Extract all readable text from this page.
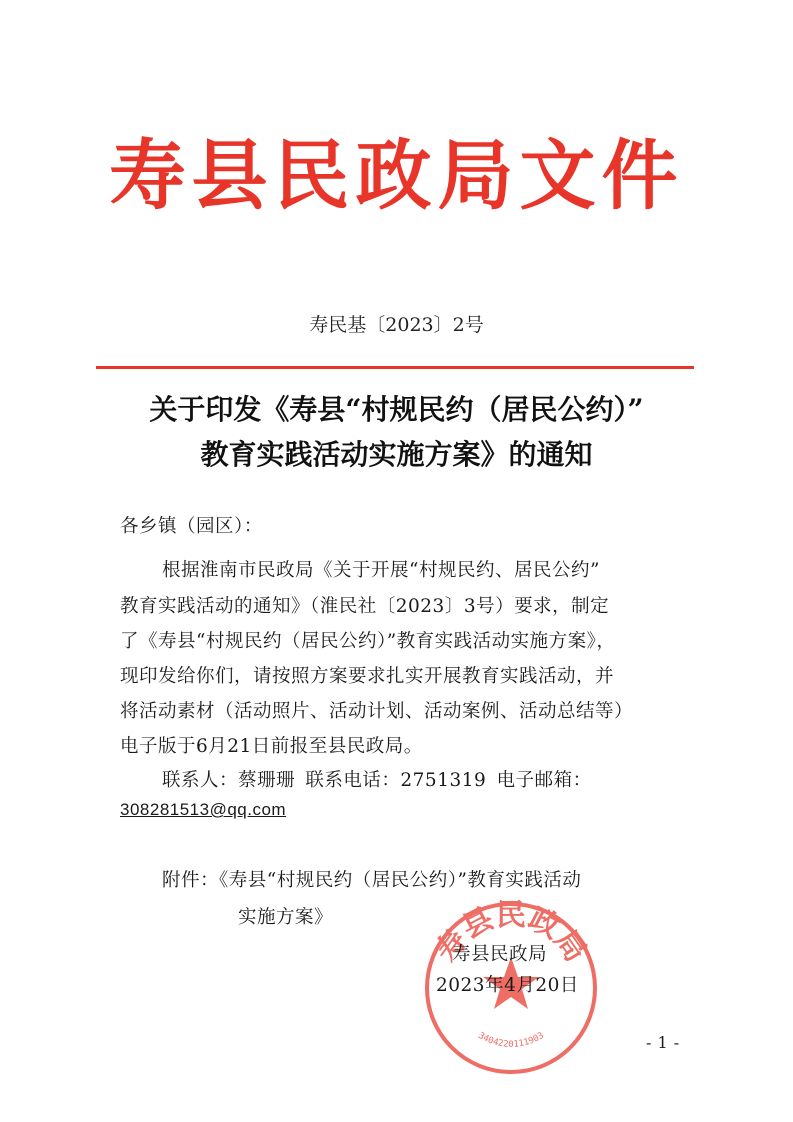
寿县民政局文件
寿民基〔2023〕2号
关于印发《寿县“村规民约（居民公约）”
教育实践活动实施方案》的通知
各乡镇（园区）：
根据淮南市民政局《关于开展“村规民约、居民公约”
教育实践活动的通知》（淮民社〔2023〕3号）要求，制定
了《寿县“村规民约（居民公约）”教育实践活动实施方案》，
现印发给你们，请按照方案要求扎实开展教育实践活动，并
将活动素材（活动照片、活动计划、活动案例、活动总结等）
电子版于6月21日前报至县民政局。
联系人：蔡珊珊 联系电话：2751319 电子邮箱：
308281513@qq.com
附件：《寿县“村规民约（居民公约）”教育实践活动
实施方案》
寿县民政局
3404220111903
寿县民政局
2023年4月20日
- 1 -
